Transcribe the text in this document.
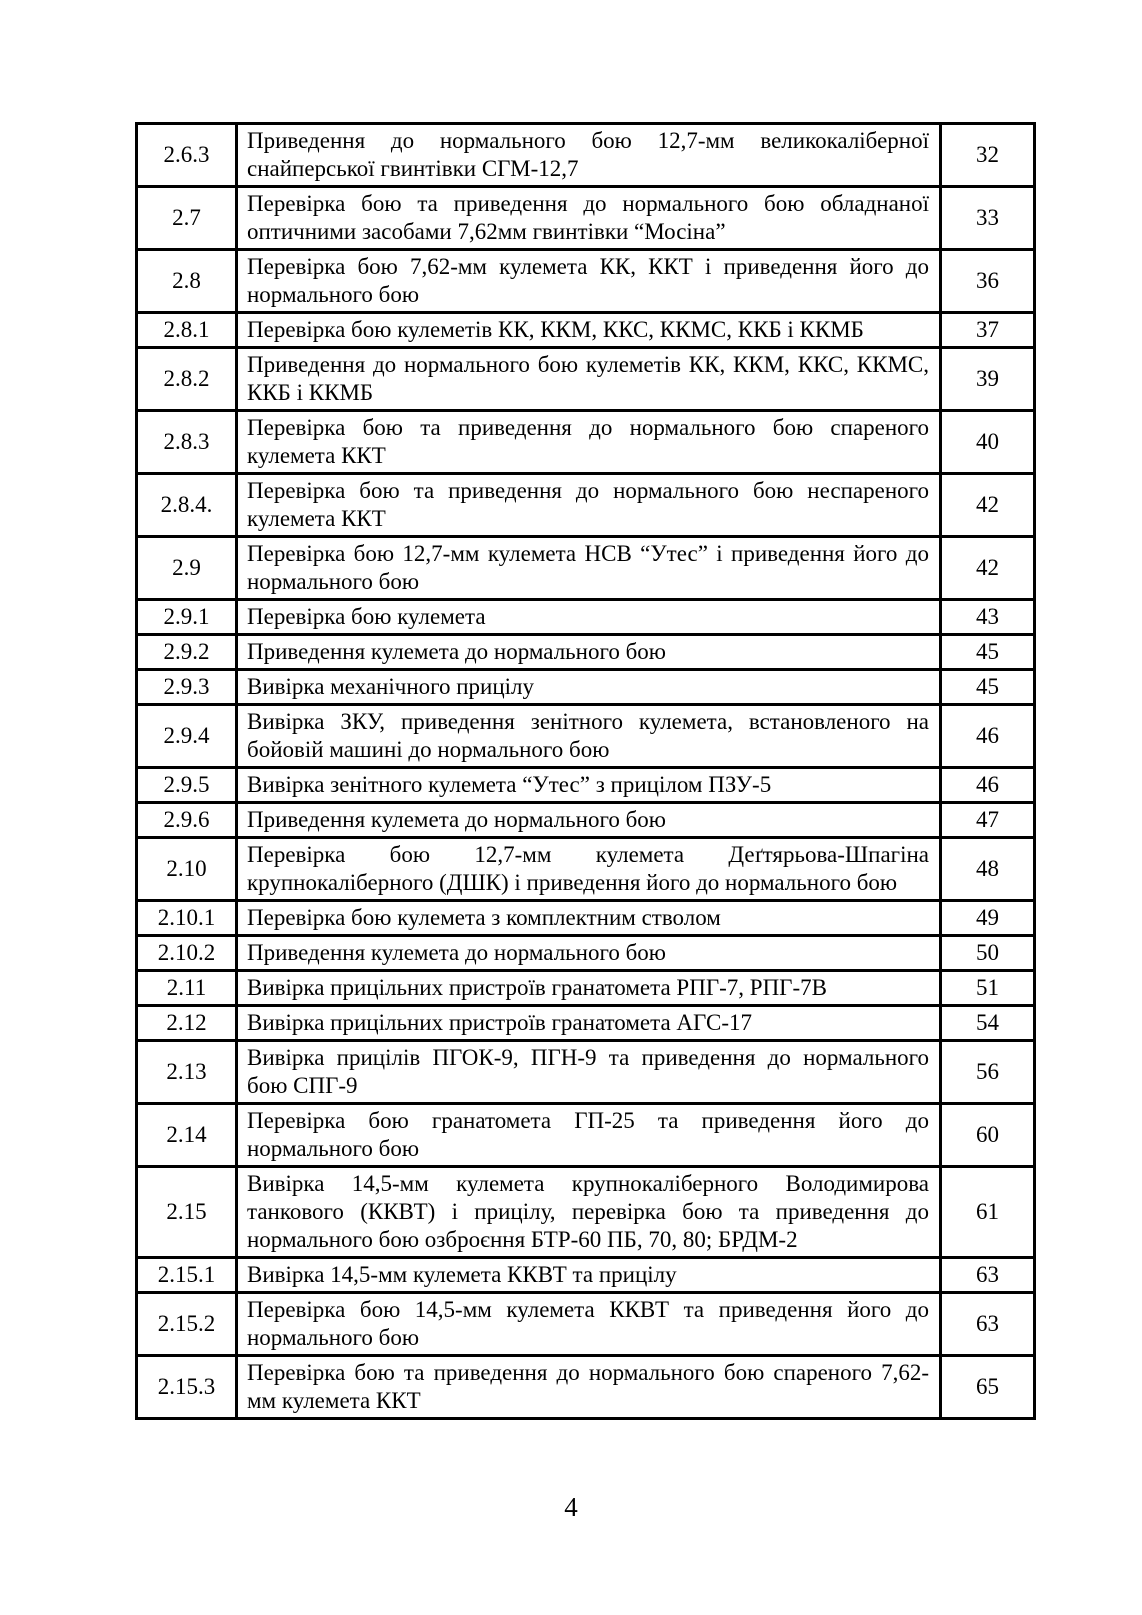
2.6.3	Приведення до нормального бою 12,7-мм великокаліберної снайперської гвинтівки СГМ-12,7	32
2.7	Перевірка бою та приведення до нормального бою обладнаної оптичними засобами 7,62мм гвинтівки “Мосіна”	33
2.8	Перевірка бою 7,62-мм кулемета КК, ККТ і приведення його до нормального бою	36
2.8.1	Перевірка бою кулеметів КК, ККМ, ККС, ККМС, ККБ і ККМБ	37
2.8.2	Приведення до нормального бою кулеметів КК, ККМ, ККС, ККМС, ККБ і ККМБ	39
2.8.3	Перевірка бою та приведення до нормального бою спареного кулемета ККТ	40
2.8.4.	Перевірка бою та приведення до нормального бою неспареного кулемета ККТ	42
2.9	Перевірка бою 12,7-мм кулемета НСВ “Утес” і приведення його до нормального бою	42
2.9.1	Перевірка бою кулемета	43
2.9.2	Приведення кулемета до нормального бою	45
2.9.3	Вивірка механічного прицілу	45
2.9.4	Вивірка ЗКУ, приведення зенітного кулемета, встановленого на бойовій машині до нормального бою	46
2.9.5	Вивірка зенітного кулемета “Утес” з прицілом ПЗУ-5	46
2.9.6	Приведення кулемета до нормального бою	47
2.10	Перевірка бою 12,7-мм кулемета Деґтярьова-Шпагіна крупнокаліберного (ДШК) і приведення його до нормального бою	48
2.10.1	Перевірка бою кулемета з комплектним стволом	49
2.10.2	Приведення кулемета до нормального бою	50
2.11	Вивірка прицільних пристроїв гранатомета РПГ-7, РПГ-7В	51
2.12	Вивірка прицільних пристроїв гранатомета АГС-17	54
2.13	Вивірка прицілів ПГОК-9, ПГН-9 та приведення до нормального бою СПГ-9	56
2.14	Перевірка бою гранатомета ГП-25 та приведення його до нормального бою	60
2.15	Вивірка 14,5-мм кулемета крупнокаліберного Володимирова танкового (ККВТ) і прицілу, перевірка бою та приведення до нормального бою озброєння БТР-60 ПБ, 70, 80; БРДМ-2	61
2.15.1	Вивірка 14,5-мм кулемета ККВТ та прицілу	63
2.15.2	Перевірка бою 14,5-мм кулемета ККВТ та приведення його до нормального бою	63
2.15.3	Перевірка бою та приведення до нормального бою спареного 7,62-мм кулемета ККТ	65
4
